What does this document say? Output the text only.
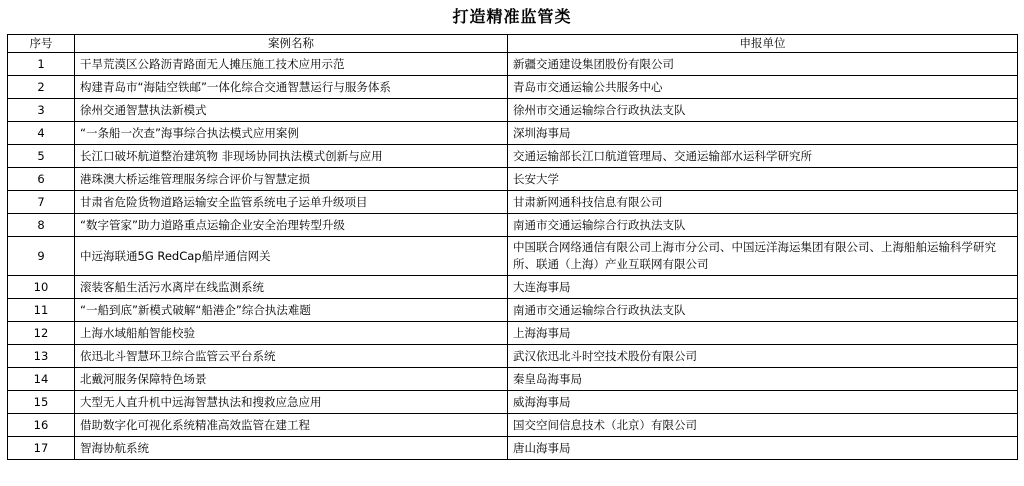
打造精准监管类
序号	案例名称	申报单位
1	干旱荒漠区公路沥青路面无人摊压施工技术应用示范	新疆交通建设集团股份有限公司
2	构建青岛市“海陆空铁邮”一体化综合交通智慧运行与服务体系	青岛市交通运输公共服务中心
3	徐州交通智慧执法新模式	徐州市交通运输综合行政执法支队
4	“一条船一次查”海事综合执法模式应用案例	深圳海事局
5	长江口破坏航道整治建筑物 非现场协同执法模式创新与应用	交通运输部长江口航道管理局、交通运输部水运科学研究所
6	港珠澳大桥运维管理服务综合评价与智慧定损	长安大学
7	甘肃省危险货物道路运输安全监管系统电子运单升级项目	甘肃新网通科技信息有限公司
8	“数字管家”助力道路重点运输企业安全治理转型升级	南通市交通运输综合行政执法支队
9	中远海联通5G RedCap船岸通信网关	中国联合网络通信有限公司上海市分公司、中国远洋海运集团有限公司、上海船舶运输科学研究所、联通（上海）产业互联网有限公司
10	滚装客船生活污水离岸在线监测系统	大连海事局
11	“一船到底”新模式破解“船港企”综合执法难题	南通市交通运输综合行政执法支队
12	上海水域船舶智能校验	上海海事局
13	依迅北斗智慧环卫综合监管云平台系统	武汉依迅北斗时空技术股份有限公司
14	北戴河服务保障特色场景	秦皇岛海事局
15	大型无人直升机中远海智慧执法和搜救应急应用	威海海事局
16	借助数字化可视化系统精准高效监管在建工程	国交空间信息技术（北京）有限公司
17	智海协航系统	唐山海事局
